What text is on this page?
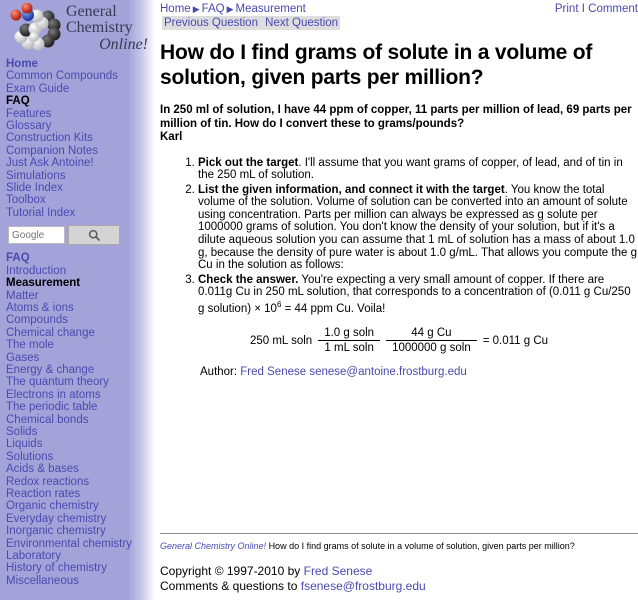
General
Chemistry
Online!
Home
Common Compounds
Exam Guide
FAQ
Features
Glossary
Construction Kits
Companion Notes
Just Ask Antoine!
Simulations
Slide Index
Toolbox
Tutorial Index
Google
FAQ
Introduction
Measurement
Matter
Atoms & ions
Compounds
Chemical change
The mole
Gases
Energy & change
The quantum theory
Electrons in atoms
The periodic table
Chemical bonds
Solids
Liquids
Solutions
Acids & bases
Redox reactions
Reaction rates
Organic chemistry
Everyday chemistry
Inorganic chemistry
Environmental chemistry
Laboratory
History of chemistry
Miscellaneous
Home ▶ FAQ ▶ Measurement	Print I Comment
Previous Question Next Question
How do I find grams of solute in a volume of solution, given parts per million?
In 250 ml of solution, I have 44 ppm of copper, 11 parts per million of lead, 69 parts per million of tin. How do I convert these to grams/pounds?
Karl
1. Pick out the target. I'll assume that you want grams of copper, of lead, and of tin in the 250 mL of solution.
2. List the given information, and connect it with the target. You know the total volume of the solution. Volume of solution can be converted into an amount of solute using concentration. Parts per million can always be expressed as g solute per 1000000 grams of solution. You don't know the density of your solution, but if it's a dilute aqueous solution you can assume that 1 mL of solution has a mass of about 1.0 g, because the density of pure water is about 1.0 g/mL. That allows you compute the g Cu in the solution as follows:
3. Check the answer. You're expecting a very small amount of copper. If there are 0.011g Cu in 250 mL solution, that corresponds to a concentration of (0.011 g Cu/250 g solution) × $10^6 = 44$ ppm Cu. Voila!
250 mL soln $\frac{\text{1.0 g soln}}{\text{1 mL soln}} \frac{\text{44 g Cu}}{\text{1000000 g soln}} = 0.011$ g Cu
Author: Fred Senese senese@antoine.frostburg.edu
General Chemistry Online! How do I find grams of solute in a volume of solution, given parts per million?
Copyright © 1997-2010 by Fred Senese
Comments & questions to fsenese@frostburg.edu
